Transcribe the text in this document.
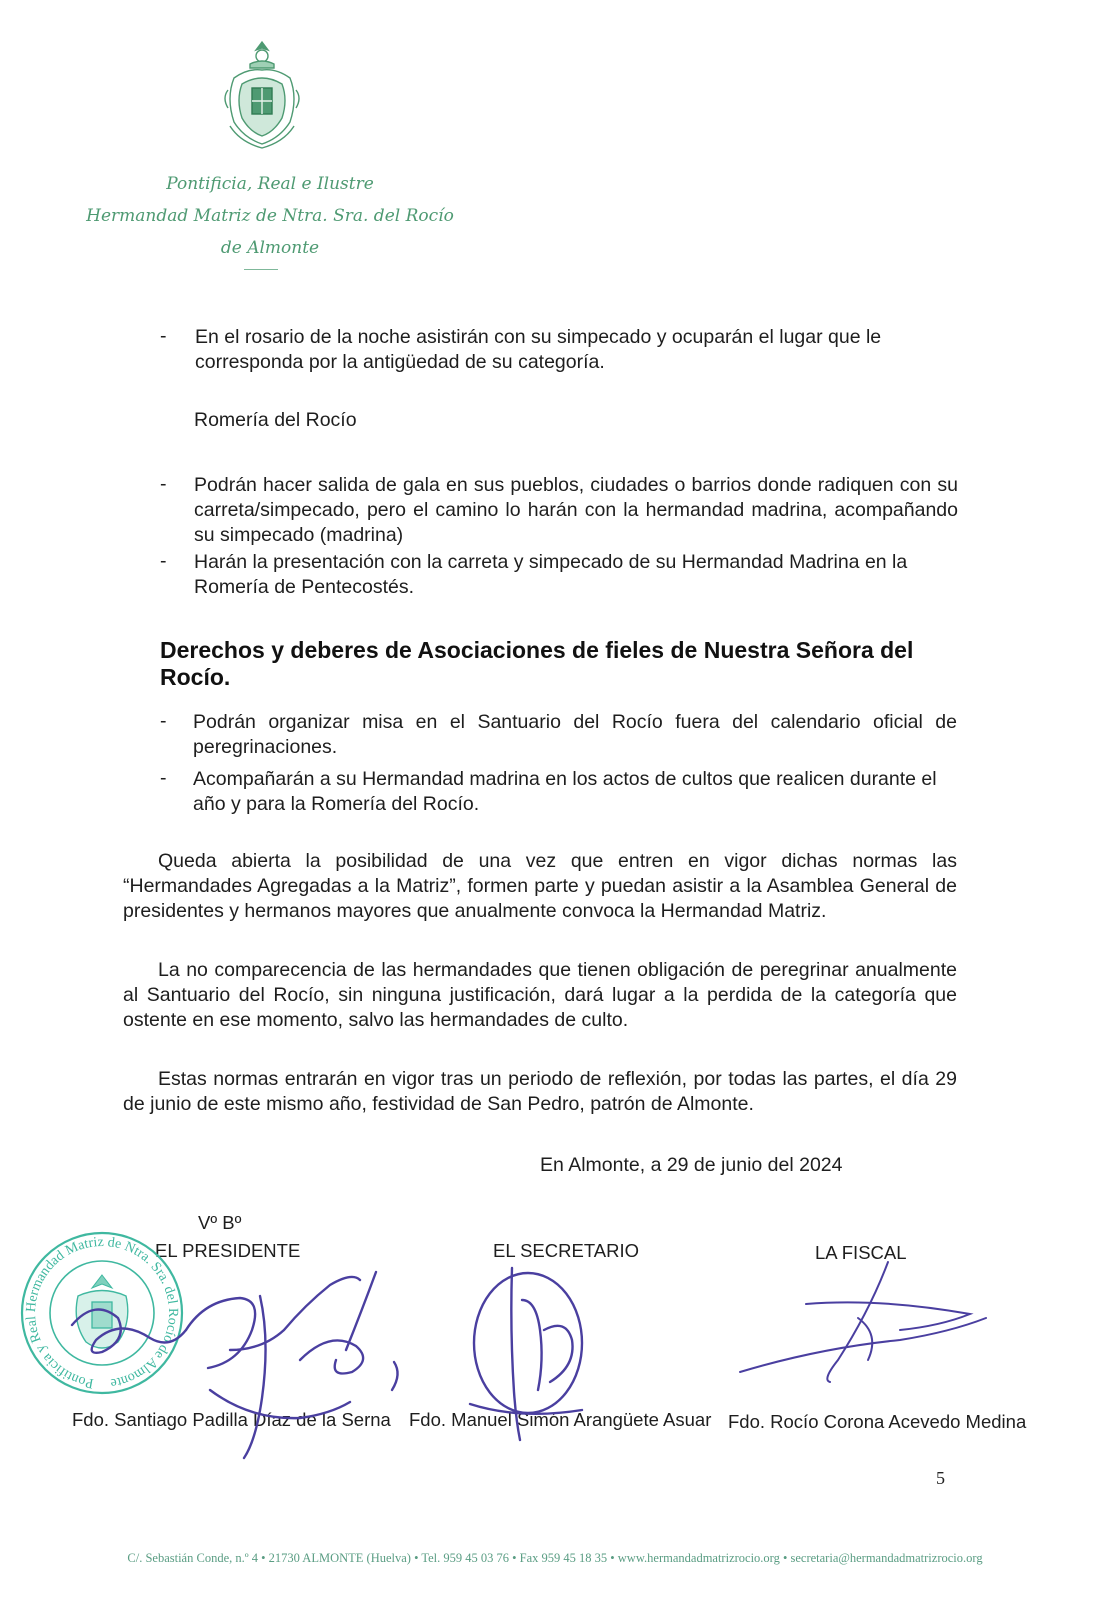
Pontificia, Real e Ilustre
Hermandad Matriz de Ntra. Sra. del Rocío
de Almonte
- En el rosario de la noche asistirán con su simpecado y ocuparán el lugar que le corresponda por la antigüedad de su categoría.
Romería del Rocío
- Podrán hacer salida de gala en sus pueblos, ciudades o barrios donde radiquen con su carreta/simpecado, pero el camino lo harán con la hermandad madrina, acompañando su simpecado (madrina)
- Harán la presentación con la carreta y simpecado de su Hermandad Madrina en la Romería de Pentecostés.
Derechos y deberes de Asociaciones de fieles de Nuestra Señora del Rocío.
- Podrán organizar misa en el Santuario del Rocío fuera del calendario oficial de peregrinaciones.
- Acompañarán a su Hermandad madrina en los actos de cultos que realicen durante el año y para la Romería del Rocío.
Queda abierta la posibilidad de una vez que entren en vigor dichas normas las “Hermandades Agregadas a la Matriz”, formen parte y puedan asistir a la Asamblea General de presidentes y hermanos mayores que anualmente convoca la Hermandad Matriz.
La no comparecencia de las hermandades que tienen obligación de peregrinar anualmente al Santuario del Rocío, sin ninguna justificación, dará lugar a la perdida de la categoría que ostente en ese momento, salvo las hermandades de culto.
Estas normas entrarán en vigor tras un periodo de reflexión, por todas las partes, el día 29 de junio de este mismo año, festividad de San Pedro, patrón de Almonte.
En Almonte, a 29 de junio del 2024
Vº Bº
EL PRESIDENTE	EL SECRETARIO	LA FISCAL
Fdo. Santiago Padilla Díaz de la Serna Fdo. Manuel Simón Arangüete Asuar Fdo. Rocío Corona Acevedo Medina
Pontificia y Real Hermandad Matriz de Ntra. Sra. del Rocío de Almonte
5
C/. Sebastián Conde, n.º 4 • 21730 ALMONTE (Huelva) • Tel. 959 45 03 76 • Fax 959 45 18 35 • www.hermandadmatrizrocio.org • secretaria@hermandadmatrizrocio.org
